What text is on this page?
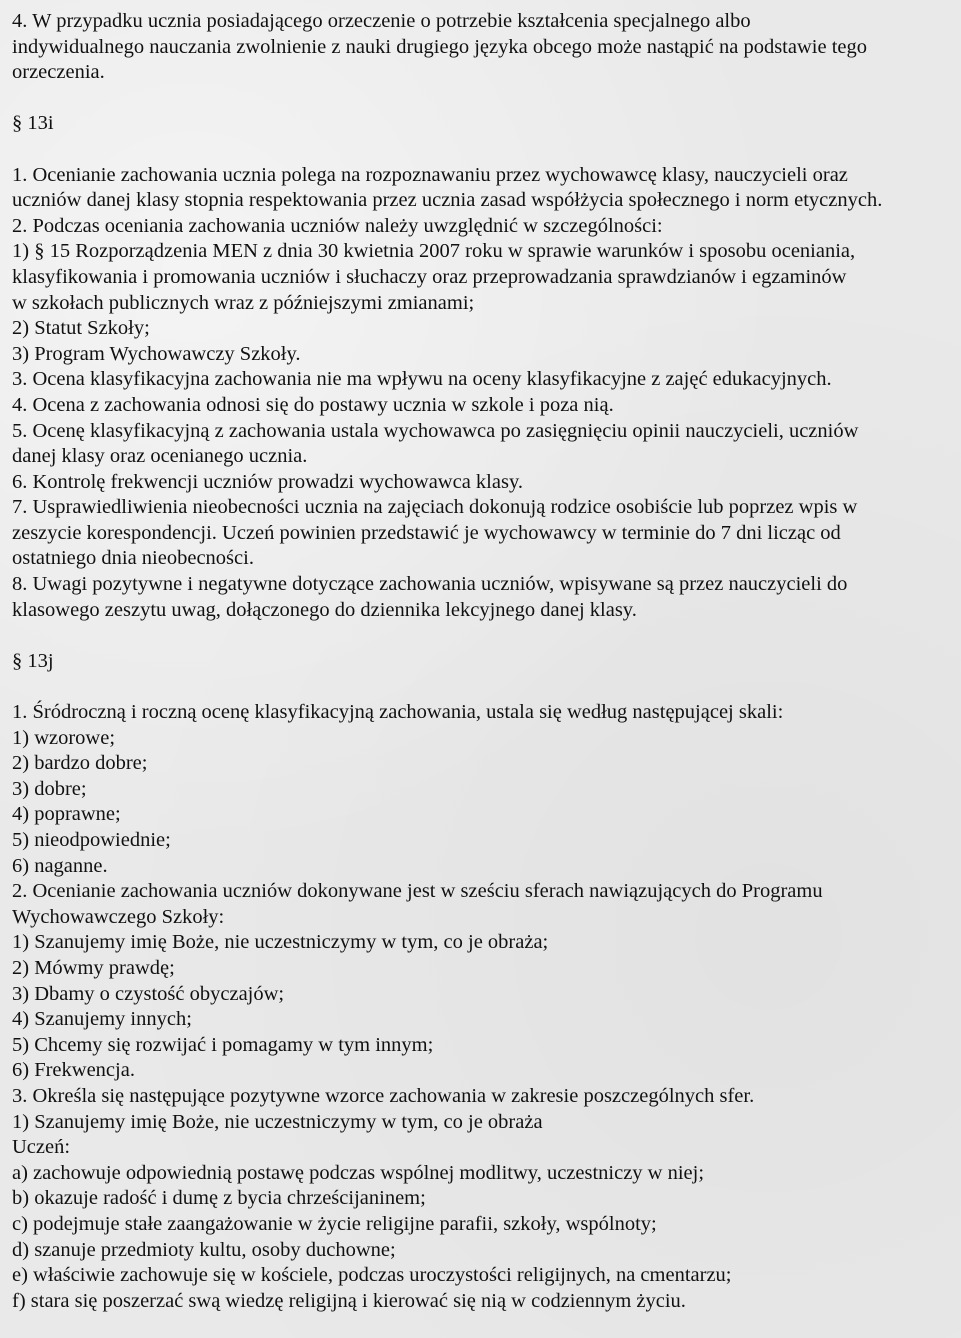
4. W przypadku ucznia posiadającego orzeczenie o potrzebie kształcenia specjalnego albo
indywidualnego nauczania zwolnienie z nauki drugiego języka obcego może nastąpić na podstawie tego
orzeczenia.
§ 13i
1. Ocenianie zachowania ucznia polega na rozpoznawaniu przez wychowawcę klasy, nauczycieli oraz
uczniów danej klasy stopnia respektowania przez ucznia zasad współżycia społecznego i norm etycznych.
2. Podczas oceniania zachowania uczniów należy uwzględnić w szczególności:
1) § 15 Rozporządzenia MEN z dnia 30 kwietnia 2007 roku w sprawie warunków i sposobu oceniania,
klasyfikowania i promowania uczniów i słuchaczy oraz przeprowadzania sprawdzianów i egzaminów
w szkołach publicznych wraz z późniejszymi zmianami;
2) Statut Szkoły;
3) Program Wychowawczy Szkoły.
3. Ocena klasyfikacyjna zachowania nie ma wpływu na oceny klasyfikacyjne z zajęć edukacyjnych.
4. Ocena z zachowania odnosi się do postawy ucznia w szkole i poza nią.
5. Ocenę klasyfikacyjną z zachowania ustala wychowawca po zasięgnięciu opinii nauczycieli, uczniów
danej klasy oraz ocenianego ucznia.
6. Kontrolę frekwencji uczniów prowadzi wychowawca klasy.
7. Usprawiedliwienia nieobecności ucznia na zajęciach dokonują rodzice osobiście lub poprzez wpis w
zeszycie korespondencji. Uczeń powinien przedstawić je wychowawcy w terminie do 7 dni licząc od
ostatniego dnia nieobecności.
8. Uwagi pozytywne i negatywne dotyczące zachowania uczniów, wpisywane są przez nauczycieli do
klasowego zeszytu uwag, dołączonego do dziennika lekcyjnego danej klasy.
§ 13j
1. Śródroczną i roczną ocenę klasyfikacyjną zachowania, ustala się według następującej skali:
1) wzorowe;
2) bardzo dobre;
3) dobre;
4) poprawne;
5) nieodpowiednie;
6) naganne.
2. Ocenianie zachowania uczniów dokonywane jest w sześciu sferach nawiązujących do Programu
Wychowawczego Szkoły:
1) Szanujemy imię Boże, nie uczestniczymy w tym, co je obraża;
2) Mówmy prawdę;
3) Dbamy o czystość obyczajów;
4) Szanujemy innych;
5) Chcemy się rozwijać i pomagamy w tym innym;
6) Frekwencja.
3. Określa się następujące pozytywne wzorce zachowania w zakresie poszczególnych sfer.
1) Szanujemy imię Boże, nie uczestniczymy w tym, co je obraża
Uczeń:
a) zachowuje odpowiednią postawę podczas wspólnej modlitwy, uczestniczy w niej;
b) okazuje radość i dumę z bycia chrześcijaninem;
c) podejmuje stałe zaangażowanie w życie religijne parafii, szkoły, wspólnoty;
d) szanuje przedmioty kultu, osoby duchowne;
e) właściwie zachowuje się w kościele, podczas uroczystości religijnych, na cmentarzu;
f) stara się poszerzać swą wiedzę religijną i kierować się nią w codziennym życiu.
